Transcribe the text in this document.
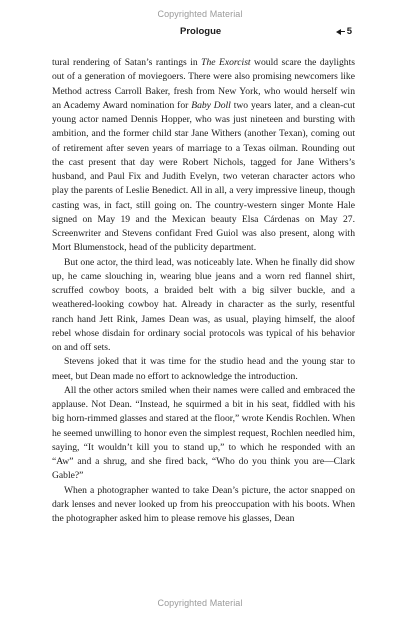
Copyrighted Material
Prologue	5

tural rendering of Satan’s rantings in The Exorcist would scare the daylights out of a generation of moviegoers. There were also promising newcomers like Method actress Carroll Baker, fresh from New York, who would herself win an Academy Award nomination for Baby Doll two years later, and a clean-cut young actor named Dennis Hopper, who was just nineteen and bursting with ambition, and the former child star Jane Withers (another Texan), coming out of retirement after seven years of marriage to a Texas oilman. Rounding out the cast present that day were Robert Nichols, tagged for Jane Withers’s husband, and Paul Fix and Judith Evelyn, two veteran character actors who play the parents of Leslie Benedict. All in all, a very impressive lineup, though casting was, in fact, still going on. The country-western singer Monte Hale signed on May 19 and the Mexican beauty Elsa Cárdenas on May 27. Screenwriter and Stevens confidant Fred Guiol was also present, along with Mort Blumenstock, head of the publicity department.

But one actor, the third lead, was noticeably late. When he finally did show up, he came slouching in, wearing blue jeans and a worn red flannel shirt, scruffed cowboy boots, a braided belt with a big silver buckle, and a weathered-looking cowboy hat. Already in character as the surly, resentful ranch hand Jett Rink, James Dean was, as usual, playing himself, the aloof rebel whose disdain for ordinary social protocols was typical of his behavior on and off sets.

Stevens joked that it was time for the studio head and the young star to meet, but Dean made no effort to acknowledge the introduction.

All the other actors smiled when their names were called and embraced the applause. Not Dean. “Instead, he squirmed a bit in his seat, fiddled with his big horn-rimmed glasses and stared at the floor,” wrote Kendis Rochlen. When he seemed unwilling to honor even the simplest request, Rochlen needled him, saying, “It wouldn’t kill you to stand up,” to which he responded with an “Aw” and a shrug, and she fired back, “Who do you think you are—Clark Gable?”

When a photographer wanted to take Dean’s picture, the actor snapped on dark lenses and never looked up from his preoccupation with his boots. When the photographer asked him to please remove his glasses, Dean

Copyrighted Material
